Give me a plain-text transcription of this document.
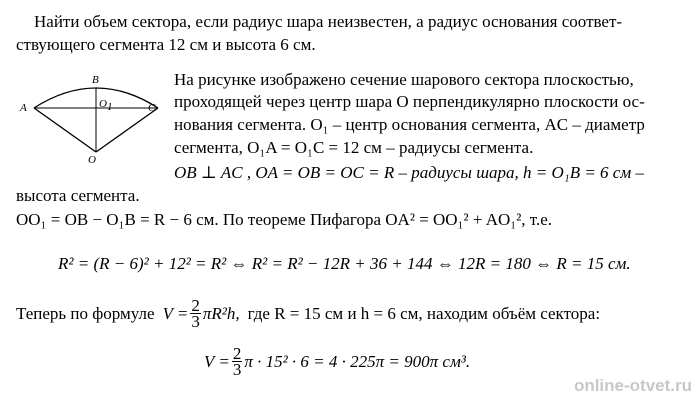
Найти объем сектора, если радиус шара неизвестен, а радиус основания соответ-
ствующего сегмента 12 см и высота 6 см.
A
B
C
O
$O_1$
На рисунке изображено сечение шарового сектора плоскостью,
проходящей через центр шара O перпендикулярно плоскости ос-
нования сегмента. O₁ – центр основания сегмента, AC – диаметр
сегмента, O₁A = O₁C = 12 см – радиусы сегмента.
OB ⊥ AC , OA = OB = OC = R – радиусы шара, h = O₁B = 6 см –
высота сегмента.
OO₁ = OB − O₁B = R − 6 см. По теореме Пифагора OA² = OO₁² + AO₁², т.е.
R² = (R − 6)² + 12² = R² ⇔ R² = R² − 12R + 36 + 144 ⇔ 12R = 180 ⇔ R = 15 см.
Теперь по формуле $V = \frac{2}{3} \pi R^2h$, где R = 15 см и h = 6 см, находим объём сектора:
$V = \frac{2}{3}$ π · 15² · 6 = 4 · 225π = 900π см³.
online-otvet.ru
